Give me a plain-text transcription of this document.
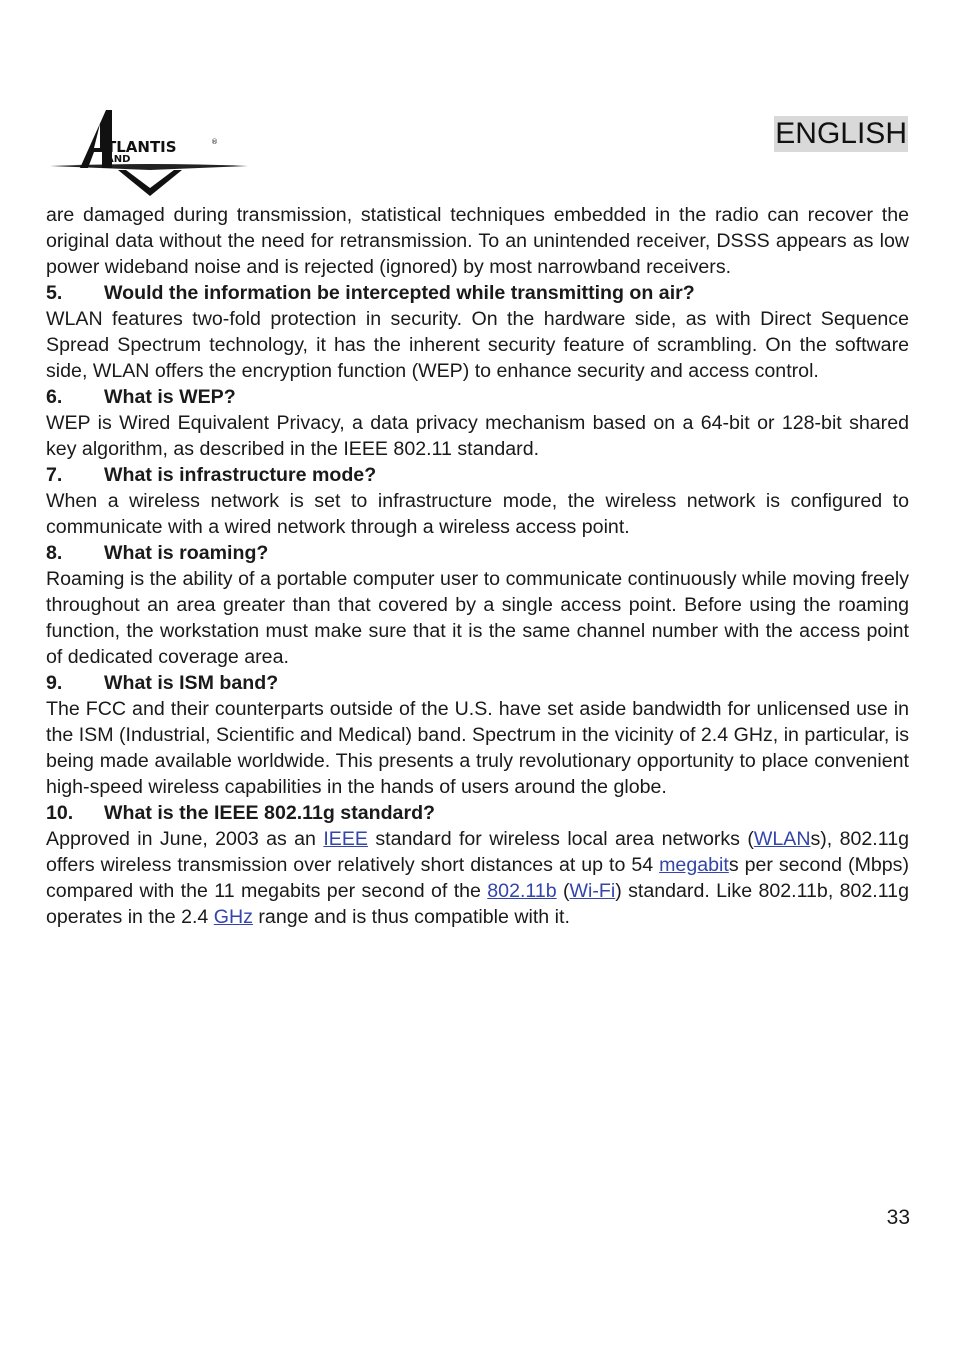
TLANTIS	®
AND
ENGLISH

are damaged during transmission, statistical techniques embedded in the radio can recover the original data without the need for retransmission. To an unintended receiver, DSSS appears as low power wideband noise and is rejected (ignored) by most narrowband receivers.

5.	Would the information be intercepted while transmitting on air?

WLAN features two-fold protection in security. On the hardware side, as with Direct Sequence Spread Spectrum technology, it has the inherent security feature of scrambling. On the software side, WLAN offers the encryption function (WEP) to enhance security and access control.

6.	What is WEP?

WEP is Wired Equivalent Privacy, a data privacy mechanism based on a 64-bit or 128-bit shared key algorithm, as described in the IEEE 802.11 standard.

7.	What is infrastructure mode?

When a wireless network is set to infrastructure mode, the wireless network is configured to communicate with a wired network through a wireless access point.

8.	What is roaming?

Roaming is the ability of a portable computer user to communicate continuously while moving freely throughout an area greater than that covered by a single access point. Before using the roaming function, the workstation must make sure that it is the same channel number with the access point of dedicated coverage area.

9.	What is ISM band?

The FCC and their counterparts outside of the U.S. have set aside bandwidth for unlicensed use in the ISM (Industrial, Scientific and Medical) band. Spectrum in the vicinity of 2.4 GHz, in particular, is being made available worldwide. This presents a truly revolutionary opportunity to place convenient high-speed wireless capabilities in the hands of users around the globe.

10.	What is the IEEE 802.11g standard?

Approved in June, 2003 as an IEEE standard for wireless local area networks (WLANs), 802.11g offers wireless transmission over relatively short distances at up to 54 megabits per second (Mbps) compared with the 11 megabits per second of the 802.11b (Wi-Fi) standard. Like 802.11b, 802.11g operates in the 2.4 GHz range and is thus compatible with it.

33
